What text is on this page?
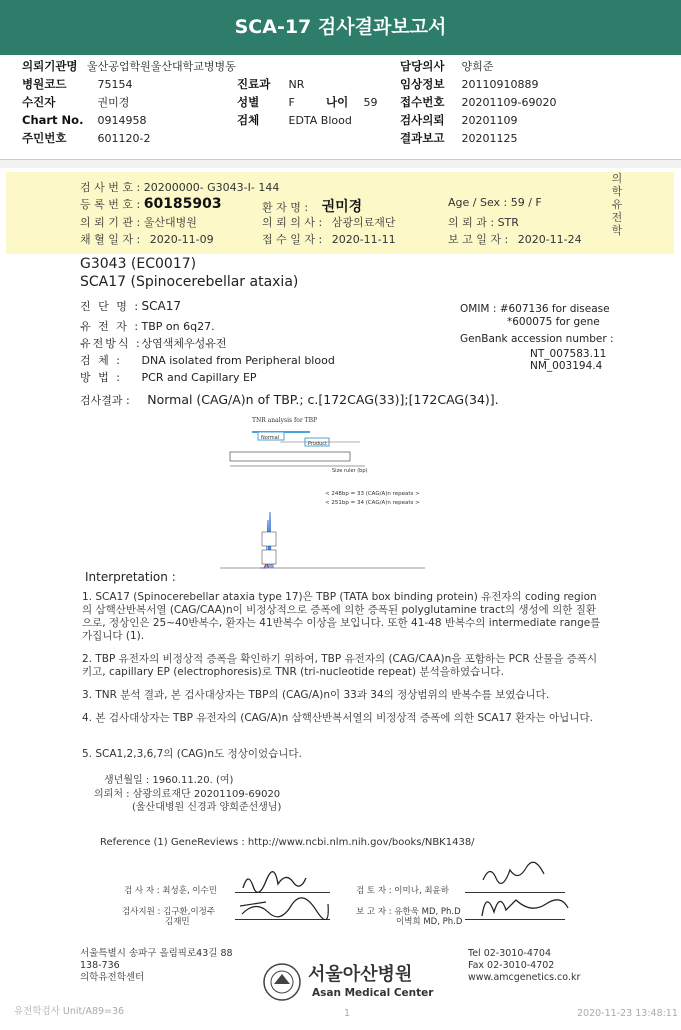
SCA-17 검사결과보고서
의뢰기관명 울산공업학원울산대학교병병동	담당의사 양희준
병원코드	75154	진료과 NR	임상정보 20110910889
수진자	권미경	성별	F	나이 59 접수번호 20201109-69020
Chart No. 0914958	검체	EDTA Blood	검사의뢰 20201109
주민번호	601120-2	결과보고 20201125
검 사 번 호 : 20200000- G3043-I- 144
등 록 번 호 : 60185903	환 자 명 : 권미경	Age / Sex : 59 / F
의 뢰 기 관 : 울산대병원	의 뢰 의 사 : 삼광의료재단	의 뢰 과 : STR
채 혈 일 자 : 2020-11-09	접 수 일 자 : 2020-11-11	보 고 일 자 : 2020-11-24
의
학
유
전
학
G3043 (EC0017)
SCA17 (Spinocerebellar ataxia)
진 단 명 : SCA17
유 전 자 : TBP on 6q27.
유전방식 : 상염색체우성유전
검 체 : DNA isolated from Peripheral blood
방 법 : PCR and Capillary EP
OMIM : #607136 for disease
*600075 for gene
GenBank accession number :
NT_007583.11
NM_003194.4
검사결과 : Normal (CAG/A)n of TBP.; c.[172CAG(33)];[172CAG(34)].
TNR analysis for TBP
Normal
Product
Size ruler (bp)
< 248bp = 33 (CAG/A)n repeats >
< 251bp = 34 (CAG/A)n repeats >
Interpretation :
1. SCA17 (Spinocerebellar ataxia type 17)은 TBP (TATA box binding protein) 유전자의 coding region 의 삼핵산반복서열 (CAG/CAA)n이 비정상적으로 증폭에 의한 증폭된 polyglutamine tract의 생성에 의한 질환으로, 정상인은 25~40반복수, 환자는 41반복수 이상을 보입니다. 또한 41-48 반복수의 intermediate range를 가집니다 (1).
2. TBP 유전자의 비정상적 증폭을 확인하기 위하여, TBP 유전자의 (CAG/CAA)n을 포함하는 PCR 산물을 증폭시키고, capillary EP (electrophoresis)로 TNR (tri-nucleotide repeat) 분석을하였습니다.
3. TNR 분석 결과, 본 검사대상자는 TBP의 (CAG/A)n이 33과 34의 정상범위의 반복수를 보였습니다.
4. 본 검사대상자는 TBP 유전자의 (CAG/A)n 삼핵산반복서열의 비정상적 증폭에 의한 SCA17 환자는 아닙니다.
5. SCA1,2,3,6,7의 (CAG)n도 정상이었습니다.
생년월일 : 1960.11.20. (여)
의뢰처 : 삼광의료재단 20201109-69020
(울산대병원 신경과 양희준선생님)
Reference (1) GeneReviews : http://www.ncbi.nlm.nih.gov/books/NBK1438/
검 사 자 : 최성훈, 이수민	검 토 자 : 이미나, 최윤하
검사지원 : 김구환,이정주
김재민
보 고 자 : 유한욱 MD, Ph.D
이벽희 MD, Ph.D
서울특별시 송파구 올림픽로43길 88
138-736
의학유전학센터	서울아산병원
Asan Medical Center
Tel 02-3010-4704
Fax 02-3010-4702
www.amcgenetics.co.kr
유전학검사 Unit/A89=36	1	2020-11-23 13:48:11
